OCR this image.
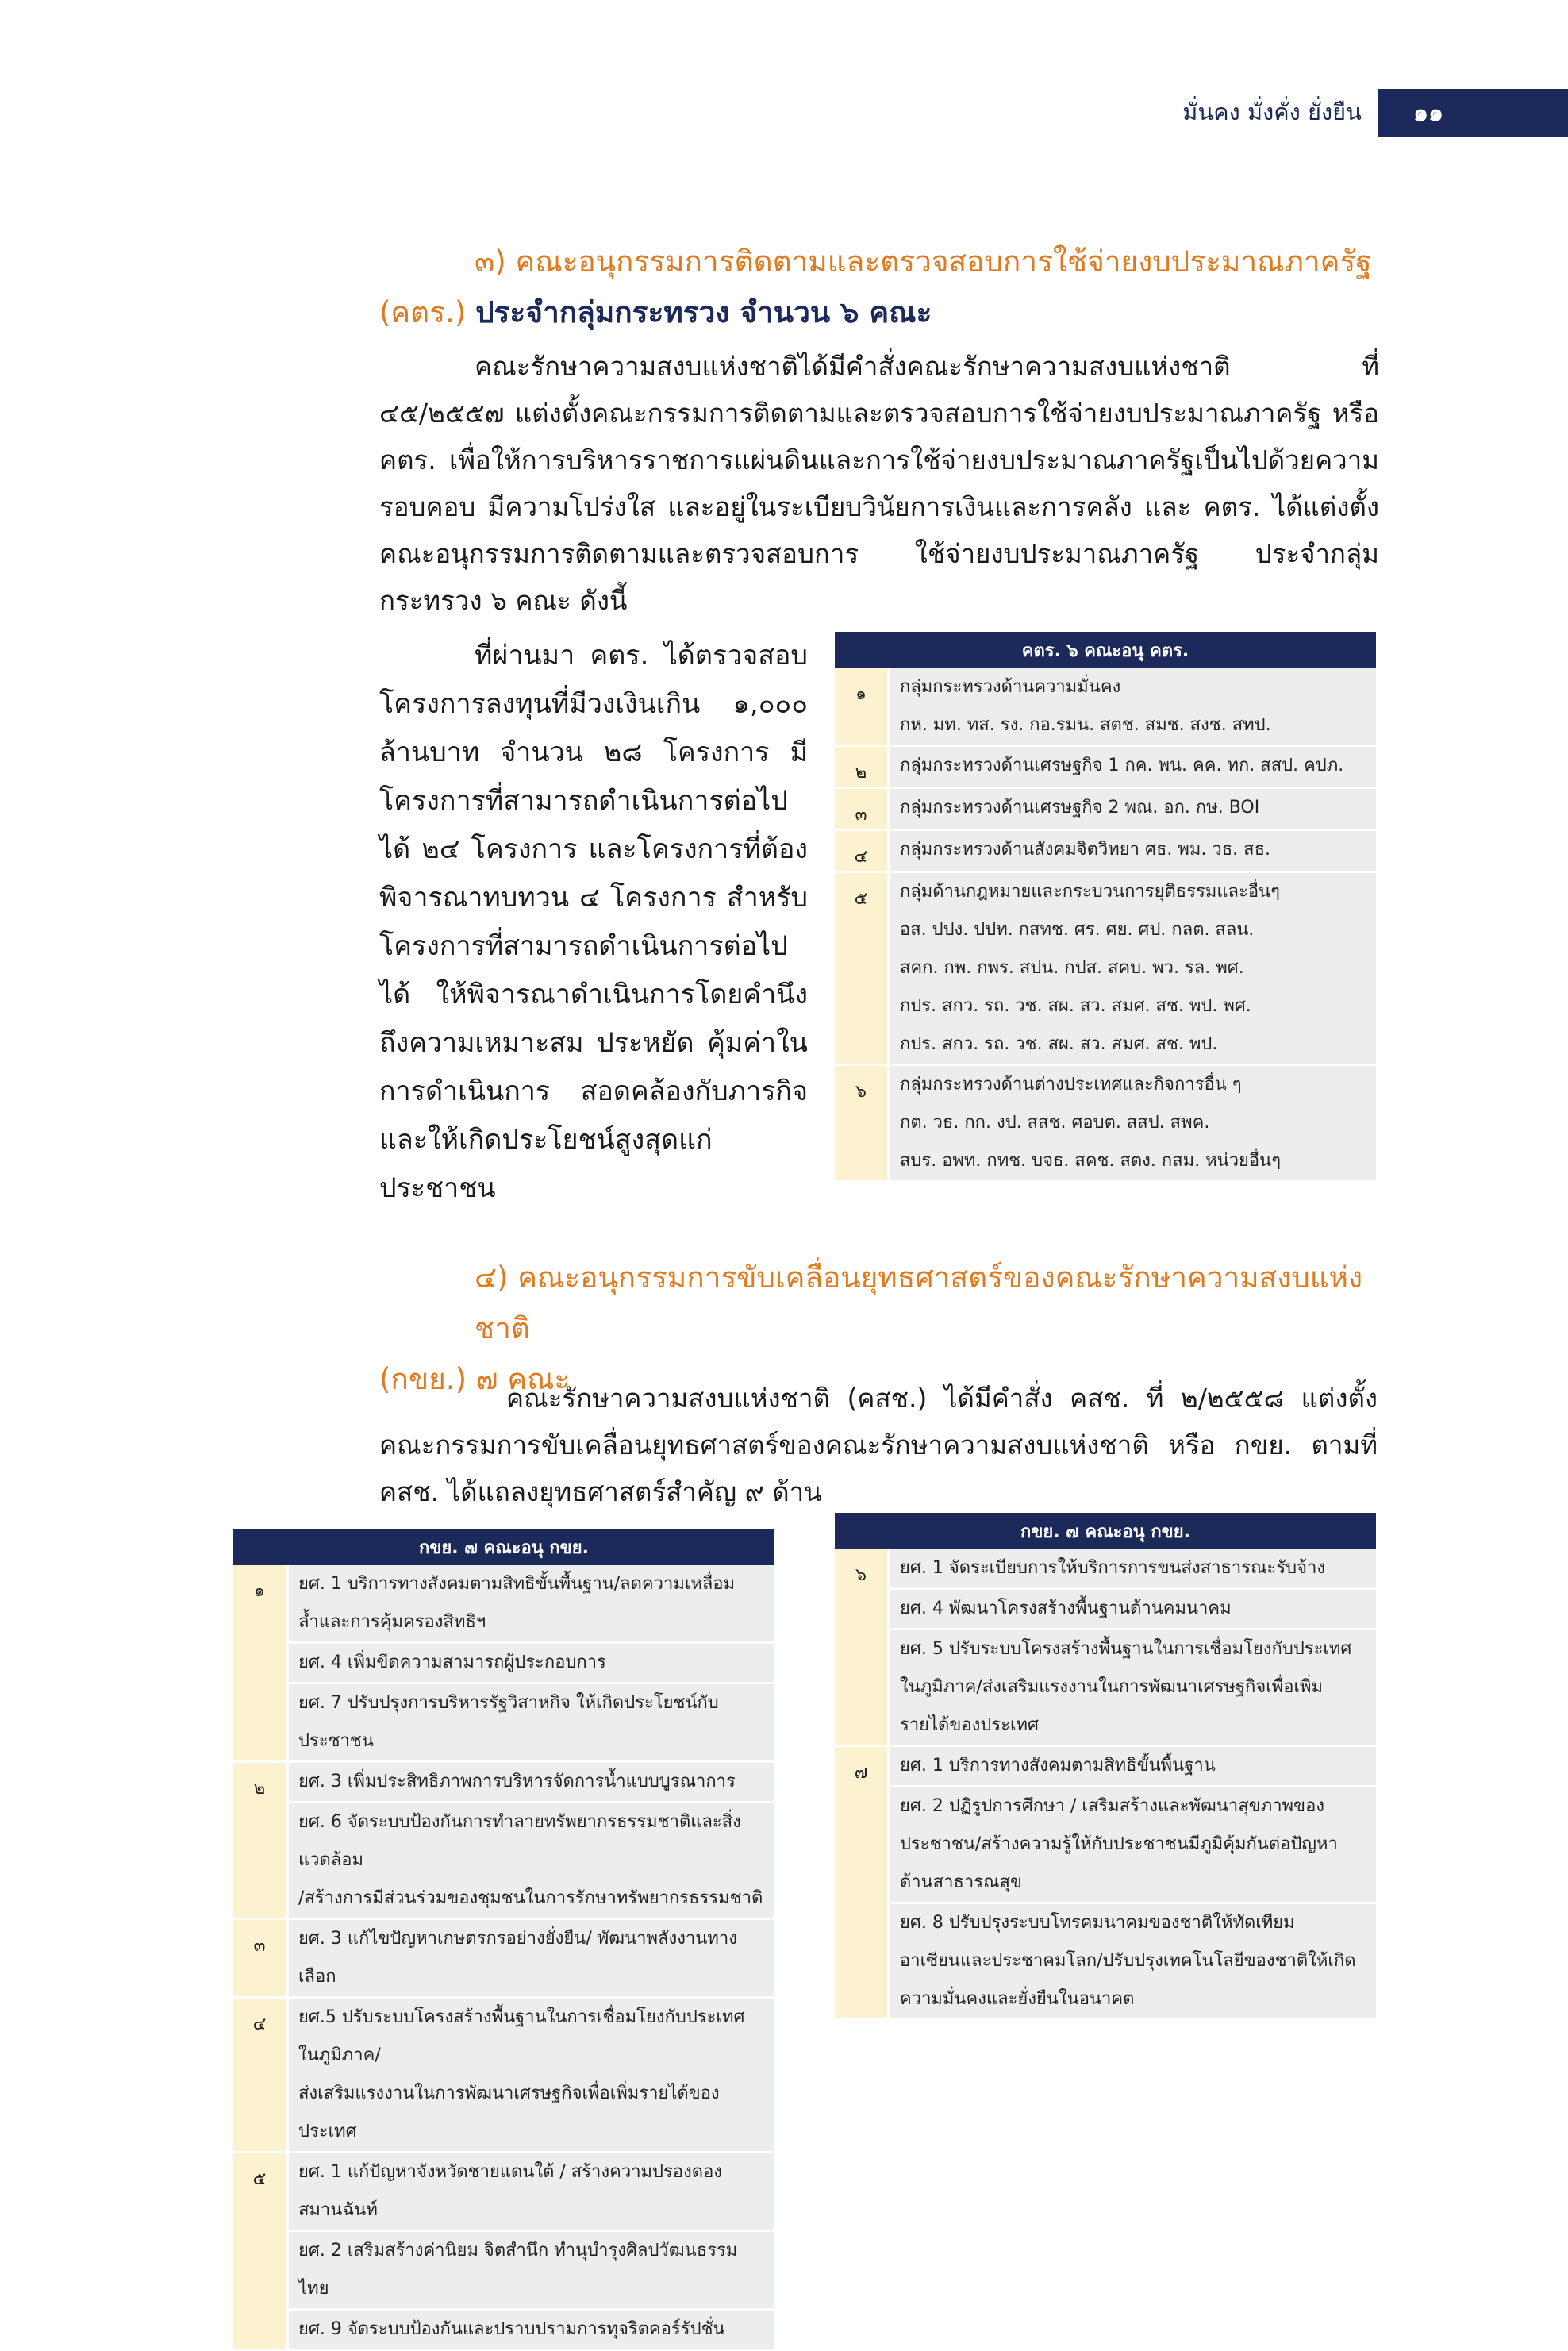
มั่นคง มั่งคั่ง ยั่งยืน ๑๑
๓) คณะอนุกรรมการติดตามและตรวจสอบการใช้จ่ายงบประมาณภาครัฐ
(คตร.) ประจำกลุ่มกระทรวง จำนวน ๖ คณะ
คณะรักษาความสงบแห่งชาติได้มีคำสั่งคณะรักษาความสงบแห่งชาติ ที่ ๔๕/๒๕๕๗ แต่งตั้งคณะกรรมการติดตามและตรวจสอบการใช้จ่ายงบประมาณภาครัฐ หรือ คตร. เพื่อให้การบริหารราชการแผ่นดินและการใช้จ่ายงบประมาณภาครัฐเป็นไปด้วยความรอบคอบ มีความโปร่งใส และอยู่ในระเบียบวินัยการเงินและการคลัง และ คตร. ได้แต่งตั้งคณะอนุกรรมการติดตามและตรวจสอบการ ใช้จ่ายงบประมาณภาครัฐ ประจำกลุ่มกระทรวง ๖ คณะ ดังนี้
ที่ผ่านมา คตร. ได้ตรวจสอบโครงการลงทุนที่มีวงเงินเกิน ๑,๐๐๐ ล้านบาท จำนวน ๒๘ โครงการ มีโครงการที่สามารถดำเนินการต่อไปได้ ๒๔ โครงการ และโครงการที่ต้องพิจารณาทบทวน ๔ โครงการ สำหรับโครงการที่สามารถดำเนินการต่อไปได้ ให้พิจารณาดำเนินการโดยคำนึงถึงความเหมาะสม ประหยัด คุ้มค่าในการดำเนินการ สอดคล้องกับภารกิจ และให้เกิดประโยชน์สูงสุดแก่ประชาชน
คตร. ๖ คณะอนุ คตร.	
๑	กลุ่มกระทรวงด้านความมั่นคง
กห. มท. ทส. รง. กอ.รมน. สตช. สมช. สงช. สทป.

๒	กลุ่มกระทรวงด้านเศรษฐกิจ 1 กค. พน. คค. ทก. สสป. คปภ.

๓	กลุ่มกระทรวงด้านเศรษฐกิจ 2 พณ. อก. กษ. BOI

๔	กลุ่มกระทรวงด้านสังคมจิตวิทยา ศธ. พม. วธ. สธ.

๕	กลุ่มด้านกฎหมายและกระบวนการยุติธรรมและอื่นๆ
อส. ปปง. ปปท. กสทช. ศร. ศย. ศป. กลต. สลน.
สคก. กพ. กพร. สปน. กปส. สคบ. พว. รล. พศ.
กปร. สกว. รถ. วช. สผ. สว. สมศ. สช. พป. พศ.
กปร. สกว. รถ. วช. สผ. สว. สมศ. สช. พป.

๖	กลุ่มกระทรวงด้านต่างประเทศและกิจการอื่น ๆ
กต. วธ. กก. งป. สสช. ศอบต. สสป. สพค.
สบร. อพท. กทช. บจธ. สคช. สตง. กสม. หน่วยอื่นๆ
๔) คณะอนุกรรมการขับเคลื่อนยุทธศาสตร์ของคณะรักษาความสงบแห่งชาติ
(กขย.) ๗ คณะ
คณะรักษาความสงบแห่งชาติ (คสช.) ได้มีคำสั่ง คสช. ที่ ๒/๒๕๕๘ แต่งตั้งคณะกรรมการขับเคลื่อนยุทธศาสตร์ของคณะรักษาความสงบแห่งชาติ หรือ กขย. ตามที่ คสช. ได้แถลงยุทธศาสตร์สำคัญ ๙ ด้าน
กขย. ๗ คณะอนุ กขย.	
๑	ยศ. 1 บริการทางสังคมตามสิทธิขั้นพื้นฐาน/ลดความเหลื่อม
ล้ำและการคุ้มครองสิทธิฯ

	ยศ. 4 เพิ่มขีดความสามารถผู้ประกอบการ

	ยศ. 7 ปรับปรุงการบริหารรัฐวิสาหกิจ ให้เกิดประโยชน์กับประชาชน

๒	ยศ. 3 เพิ่มประสิทธิภาพการบริหารจัดการน้ำแบบบูรณาการ

	ยศ. 6 จัดระบบป้องกันการทำลายทรัพยากรธรรมชาติและสิ่งแวดล้อม
/สร้างการมีส่วนร่วมของชุมชนในการรักษาทรัพยากรธรรมชาติ

๓	ยศ. 3 แก้ไขปัญหาเกษตรกรอย่างยั่งยืน/ พัฒนาพลังงานทางเลือก

๔	ยศ.5 ปรับระบบโครงสร้างพื้นฐานในการเชื่อมโยงกับประเทศในภูมิภาค/
ส่งเสริมแรงงานในการพัฒนาเศรษฐกิจเพื่อเพิ่มรายได้ของประเทศ

๕	ยศ. 1 แก้ปัญหาจังหวัดชายแดนใต้ / สร้างความปรองดองสมานฉันท์

	ยศ. 2 เสริมสร้างค่านิยม จิตสำนึก ทำนุบำรุงศิลปวัฒนธรรมไทย

	ยศ. 9 จัดระบบป้องกันและปราบปรามการทุจริตคอร์รัปชั่น
กขย. ๗ คณะอนุ กขย.	
๖	ยศ. 1 จัดระเบียบการให้บริการการขนส่งสาธารณะรับจ้าง

	ยศ. 4 พัฒนาโครงสร้างพื้นฐานด้านคมนาคม

	ยศ. 5 ปรับระบบโครงสร้างพื้นฐานในการเชื่อมโยงกับประเทศ
ในภูมิภาค/ส่งเสริมแรงงานในการพัฒนาเศรษฐกิจเพื่อเพิ่ม
รายได้ของประเทศ

๗	ยศ. 1 บริการทางสังคมตามสิทธิขั้นพื้นฐาน

	ยศ. 2 ปฏิรูปการศึกษา / เสริมสร้างและพัฒนาสุขภาพของ
ประชาชน/สร้างความรู้ให้กับประชาชนมีภูมิคุ้มกันต่อปัญหา
ด้านสาธารณสุข

	ยศ. 8 ปรับปรุงระบบโทรคมนาคมของชาติให้ทัดเทียม
อาเซียนและประชาคมโลก/ปรับปรุงเทคโนโลยีของชาติให้เกิด
ความมั่นคงและยั่งยืนในอนาคต
